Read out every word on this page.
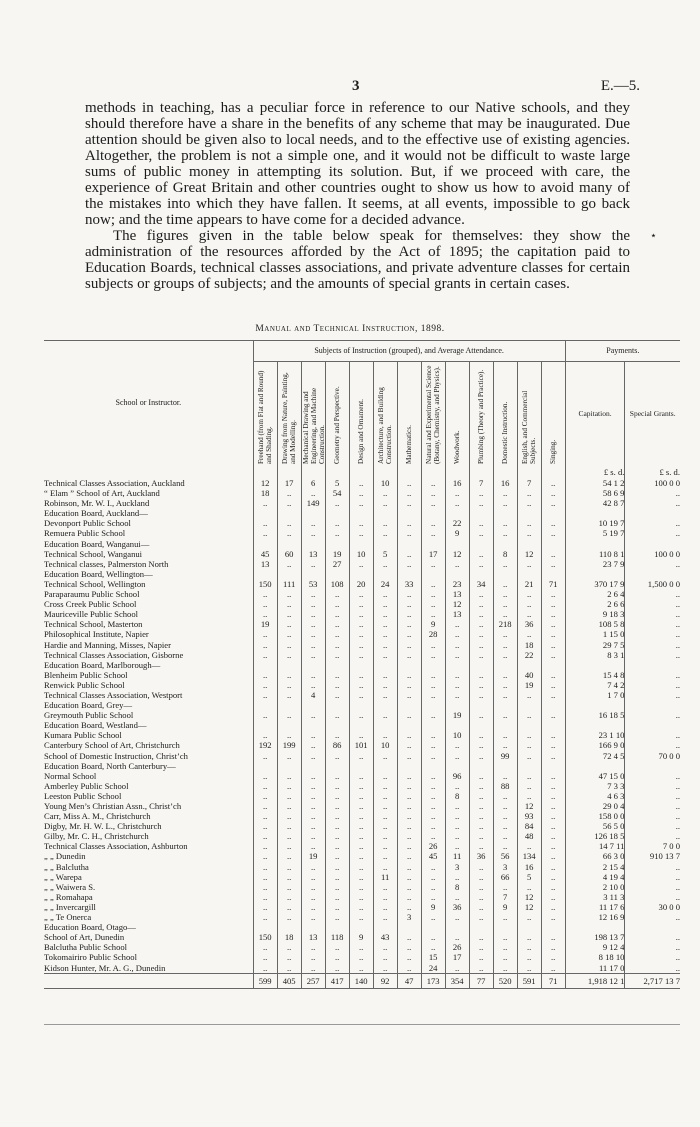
3	E.—5.

methods in teaching, has a peculiar force in reference to our Native schools, and they should therefore have a share in the benefits of any scheme that may be inaugurated. Due attention should be given also to local needs, and to the effective use of existing agencies. Altogether, the problem is not a simple one, and it would not be difficult to waste large sums of public money in attempting its solution. But, if we proceed with care, the experience of Great Britain and other countries ought to show us how to avoid many of the mistakes into which they have fallen. It seems, at all events, impossible to go back now; and the time appears to have come for a decided advance.

The figures given in the table below speak for themselves: they show the administration of the resources afforded by the Act of 1895; the capitation paid to Education Boards, technical classes associations, and private adventure classes for certain subjects or groups of subjects; and the amounts of special grants in certain cases.

⋆
Manual and Technical Instruction, 1898.
School or Instructor.	Subjects of Instruction (grouped), and Average Attendance.													Payments.	

	Freehand (from Flat and Round) and Shading.	Drawing from Nature, Painting, and Modelling.	Mechanical Drawing and Engineering, and Machine Construction.	Geometry and Perspective.	Design and Ornament.	Architecture, and Building Construction.	Mathematics.	Natural and Experimental Science (Botany, Chemistry, and Physics).	Woodwork.	Plumbing (Theory and Practice).	Domestic Instruction.	English, and Commercial Subjects.	Singing.	Capitation.	Special Grants.
														£ s. d.	£ s. d.
Technical Classes Association, Auckland	12	17	6	5	..	10	..	..	16	7	16	7	..	54 1 2	100 0 0
“ Elam ” School of Art, Auckland	18	..	..	54	..	..	..	..	..	..	..	..	..	58 6 9	..
Robinson, Mr. W. I., Auckland	..	..	149	..	..	..	..	..	..	..	..	..	..	42 8 7	..
Education Board, Auckland—															
Devonport Public School	..	..	..	..	..	..	..	..	22	..	..	..	..	10 19 7	..
Remuera Public School	..	..	..	..	..	..	..	..	9	..	..	..	..	5 19 7	..
Education Board, Wanganui—															
Technical School, Wanganui	45	60	13	19	10	5	..	17	12	..	8	12	..	110 8 1	100 0 0
Technical classes, Palmerston North	13	..	..	27	..	..	..	..	..	..	..	..	..	23 7 9	..
Education Board, Wellington—															
Technical School, Wellington	150	111	53	108	20	24	33	..	23	34	..	21	71	370 17 9	1,500 0 0
Paraparaumu Public School	..	..	..	..	..	..	..	..	13	..	..	..	..	2 6 4	..
Cross Creek Public School	..	..	..	..	..	..	..	..	12	..	..	..	..	2 6 6	..
Mauriceville Public School	..	..	..	..	..	..	..	..	13	..	..	..	..	9 18 3	..
Technical School, Masterton	19	..	..	..	..	..	..	9	..	..	218	36	..	108 5 8	..
Philosophical Institute, Napier	..	..	..	..	..	..	..	28	..	..	..	..	..	1 15 0	..
Hardie and Manning, Misses, Napier	..	..	..	..	..	..	..	..	..	..	..	18	..	29 7 5	..
Technical Classes Association, Gisborne	..	..	..	..	..	..	..	..	..	..	..	22	..	8 3 1	..
Education Board, Marlborough—															
Blenheim Public School	..	..	..	..	..	..	..	..	..	..	..	40	..	15 4 8	..
Renwick Public School	..	..	..	..	..	..	..	..	..	..	..	19	..	7 4 2	..
Technical Classes Association, Westport	..	..	4	..	..	..	..	..	..	..	..	..	..	1 7 0	..
Education Board, Grey—															
Greymouth Public School	..	..	..	..	..	..	..	..	19	..	..	..	..	16 18 5	..
Education Board, Westland—															
Kumara Public School	..	..	..	..	..	..	..	..	10	..	..	..	..	23 1 10	..
Canterbury School of Art, Christchurch	192	199	..	86	101	10	..	..	..	..	..	..	..	166 9 0	..
School of Domestic Instruction, Christ’ch	..	..	..	..	..	..	..	..	..	..	99	..	..	72 4 5	70 0 0
Education Board, North Canterbury—															
Normal School	..	..	..	..	..	..	..	..	96	..	..	..	..	47 15 0	..
Amberley Public School	..	..	..	..	..	..	..	..	..	..	88	..	..	7 3 3	..
Leeston Public School	..	..	..	..	..	..	..	..	8	..	..	..	..	4 6 3	..
Young Men’s Christian Assn., Christ’ch	..	..	..	..	..	..	..	..	..	..	..	12	..	29 0 4	..
Carr, Miss A. M., Christchurch	..	..	..	..	..	..	..	..	..	..	..	93	..	158 0 0	..
Digby, Mr. H. W. L., Christchurch	..	..	..	..	..	..	..	..	..	..	..	84	..	56 5 0	..
Gilby, Mr. C. H., Christchurch	..	..	..	..	..	..	..	..	..	..	..	48	..	126 18 5	..
Technical Classes Association, Ashburton	..	..	..	..	..	..	..	26	..	..	..	..	..	14 7 11	7 0 0
„ „ Dunedin	..	..	19	..	..	..	..	45	11	36	56	134	..	66 3 0	910 13 7
„ „ Balclutha	..	..	..	..	..	..	..	..	3	..	3	16	..	2 15 4	..
„ „ Warepa	..	..	..	..	..	11	..	..	..	..	66	5	..	4 19 4	..
„ „ Waiwera S.	..	..	..	..	..	..	..	..	8	..	..	..	..	2 10 0	..
„ „ Romahapa	..	..	..	..	..	..	..	..	..	..	7	12	..	3 11 3	..
„ „ Invercargill	..	..	..	..	..	..	..	9	36	..	9	12	..	11 17 6	30 0 0
„ „ Te Onerca	..	..	..	..	..	..	3	..	..	..	..	..	..	12 16 9	..
Education Board, Otago—															
School of Art, Dunedin	150	18	13	118	9	43	..	..	..	..	..	..	..	198 13 7	..
Balclutha Public School	..	..	..	..	..	..	..	..	26	..	..	..	..	9 12 4	..
Tokomairiro Public School	..	..	..	..	..	..	..	15	17	..	..	..	..	8 18 10	..
Kidson Hunter, Mr. A. G., Dunedin	..	..	..	..	..	..	..	24	..	..	..	..	..	11 17 0	..
	599	405	257	417	140	92	47	173	354	77	520	591	71	1,918 12 1	2,717 13 7
